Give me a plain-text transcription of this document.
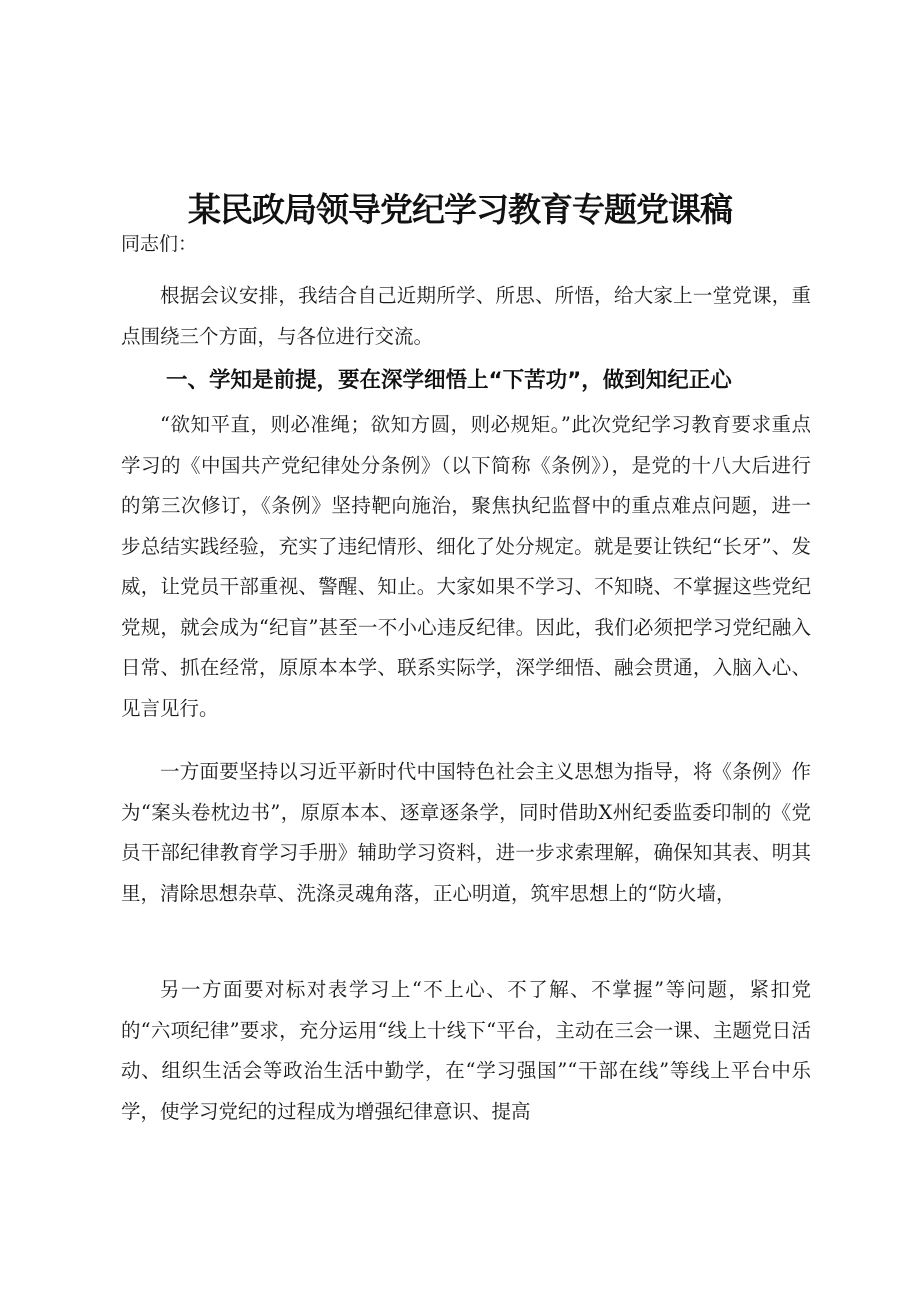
某民政局领导党纪学习教育专题党课稿

同志们：

根据会议安排，我结合自己近期所学、所思、所悟，给大家上一堂党课，重点围绕三个方面，与各位进行交流。

一、学知是前提，要在深学细悟上“下苦功”，做到知纪正心

“欲知平直，则必准绳；欲知方圆，则必规矩。”此次党纪学习教育要求重点学习的《中国共产党纪律处分条例》（以下简称《条例》），是党的十八大后进行的第三次修订，《条例》坚持靶向施治，聚焦执纪监督中的重点难点问题，进一步总结实践经验，充实了违纪情形、细化了处分规定。就是要让铁纪“长牙”、发威，让党员干部重视、警醒、知止。大家如果不学习、不知晓、不掌握这些党纪党规，就会成为“纪盲”甚至一不小心违反纪律。因此，我们必须把学习党纪融入日常、抓在经常，原原本本学、联系实际学，深学细悟、融会贯通，入脑入心、见言见行。

一方面要坚持以习近平新时代中国特色社会主义思想为指导，将《条例》作为“案头卷枕边书”，原原本本、逐章逐条学，同时借助X州纪委监委印制的《党员干部纪律教育学习手册》辅助学习资料，进一步求索理解，确保知其表、明其里，清除思想杂草、洗涤灵魂角落，正心明道，筑牢思想上的“防火墙，

另一方面要对标对表学习上“不上心、不了解、不掌握”等问题，紧扣党的“六项纪律”要求，充分运用“线上十线下“平台，主动在三会一课、主题党日活动、组织生活会等政治生活中勤学，在“学习强国”“干部在线”等线上平台中乐学，使学习党纪的过程成为增强纪律意识、提高
